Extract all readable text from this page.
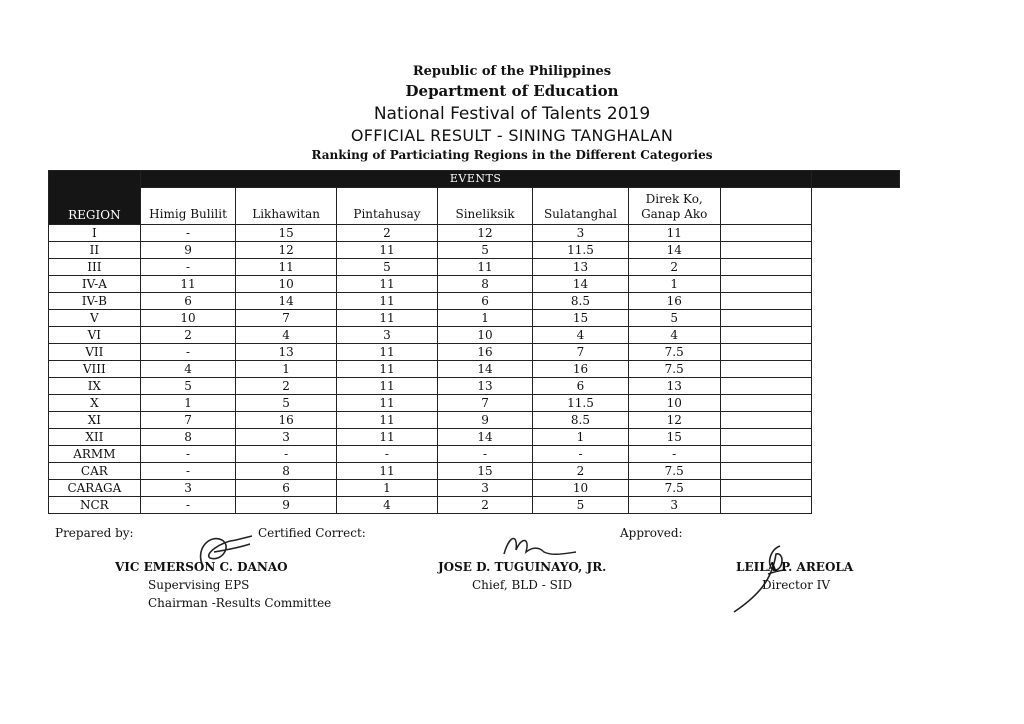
Republic of the Philippines
Department of Education
National Festival of Talents 2019
OFFICIAL RESULT - SINING TANGHALAN
Ranking of Particiating Regions in the Different Categories
REGION	EVENTS							
	Himig Bulilit	Likhawitan	Pintahusay	Sineliksik	Sulatanghal	Direk Ko,
Ganap Ako		
I	-	15	2	12	3	11		
II	9	12	11	5	11.5	14		
III	-	11	5	11	13	2		
IV-A	11	10	11	8	14	1		
IV-B	6	14	11	6	8.5	16		
V	10	7	11	1	15	5		
VI	2	4	3	10	4	4		
VII	-	13	11	16	7	7.5		
VIII	4	1	11	14	16	7.5		
IX	5	2	11	13	6	13		
X	1	5	11	7	11.5	10		
XI	7	16	11	9	8.5	12		
XII	8	3	11	14	1	15		
ARMM	-	-	-	-	-	-		
CAR	-	8	11	15	2	7.5		
CARAGA	3	6	1	3	10	7.5		
NCR	-	9	4	2	5	3		
Prepared by:	Certified Correct:	Approved:
VIC EMERSON C. DANAO
Supervising EPS
Chairman -Results Committee
JOSE D. TUGUINAYO, JR.
Chief, BLD - SID
LEILA P. AREOLA
Director IV
